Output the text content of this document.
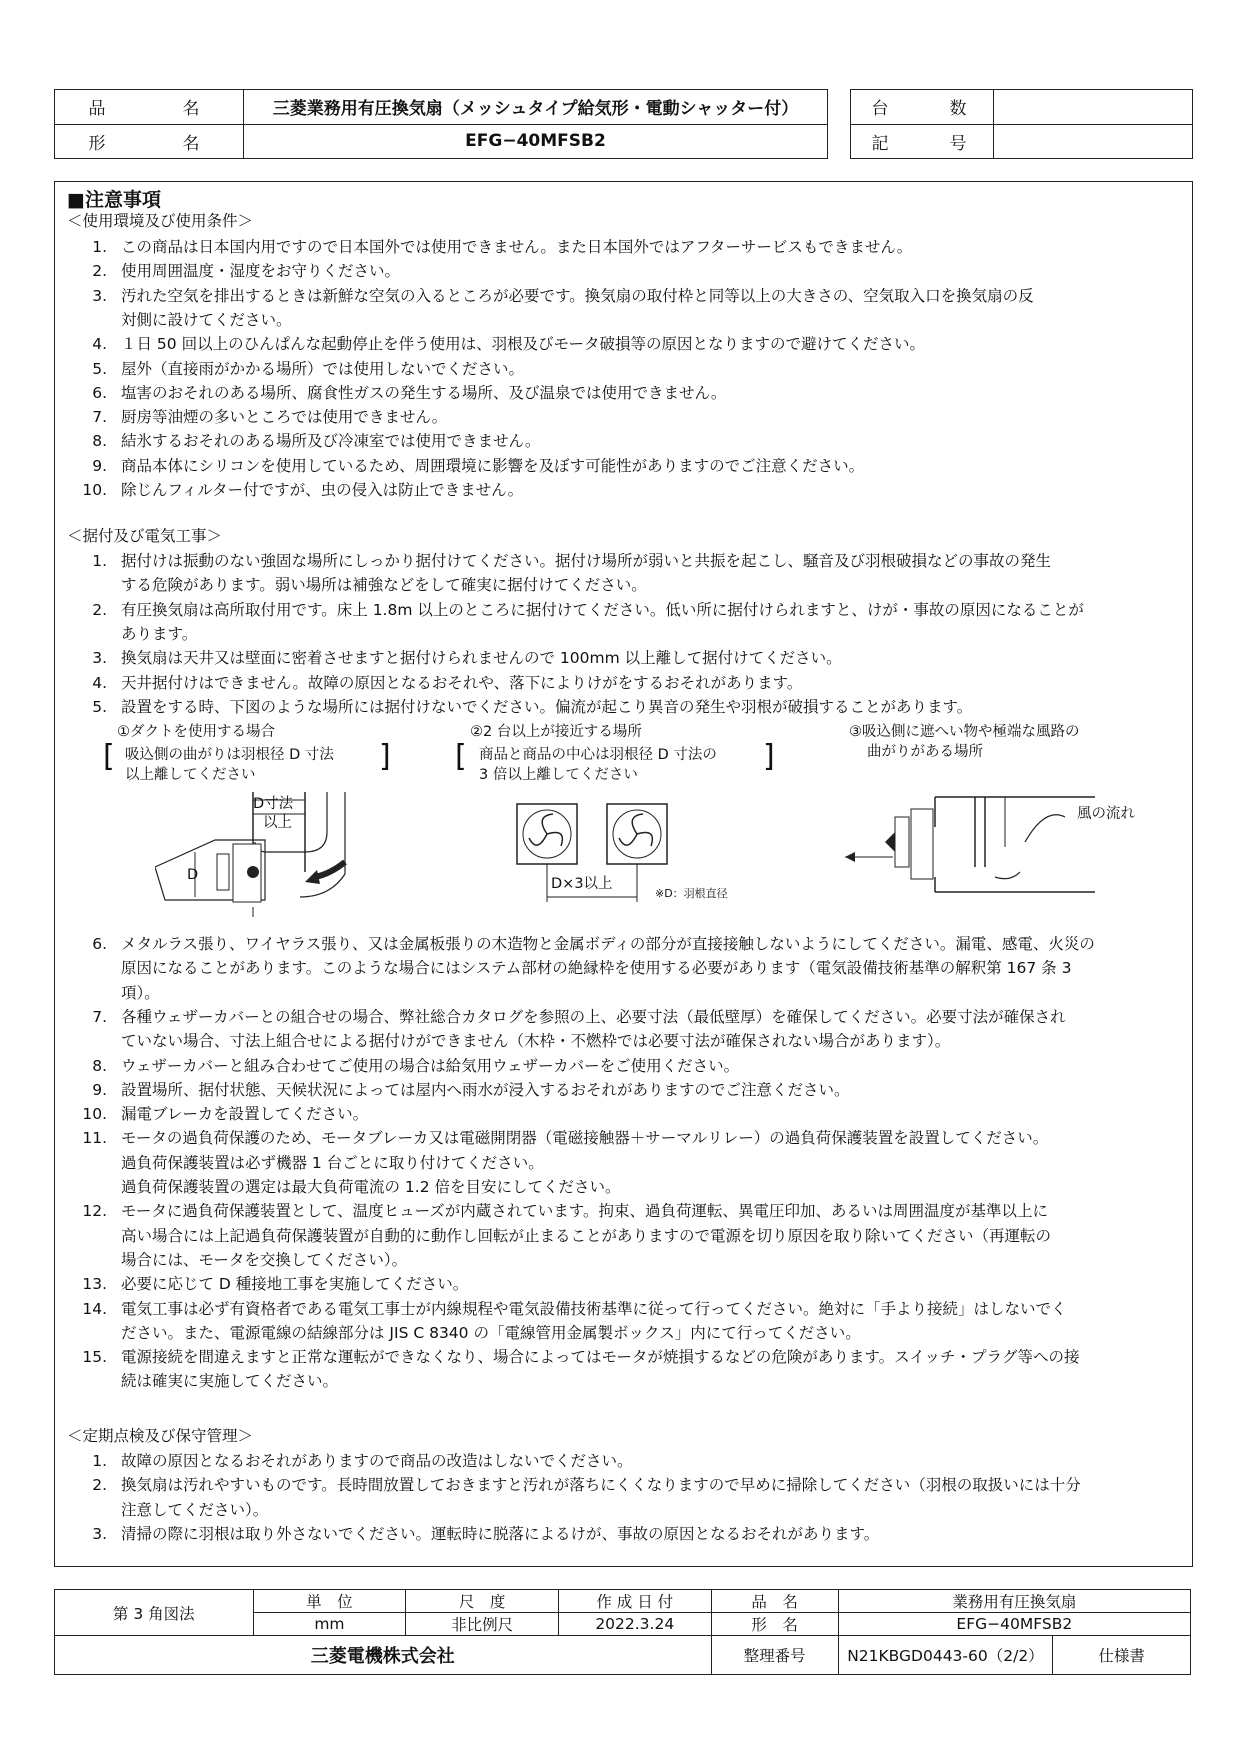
品　名	三菱業務用有圧換気扇（メッシュタイプ給気形・電動シャッター付）
形　名	EFG−40MFSB2
台　数	
記　号	
■注意事項
＜使用環境及び使用条件＞
1. この商品は日本国内用ですので日本国外では使用できません。また日本国外ではアフターサービスもできません。
2. 使用周囲温度・湿度をお守りください。
3. 汚れた空気を排出するときは新鮮な空気の入るところが必要です。換気扇の取付枠と同等以上の大きさの、空気取入口を換気扇の反
対側に設けてください。
4. １日 50 回以上のひんぱんな起動停止を伴う使用は、羽根及びモータ破損等の原因となりますので避けてください。
5. 屋外（直接雨がかかる場所）では使用しないでください。
6. 塩害のおそれのある場所、腐食性ガスの発生する場所、及び温泉では使用できません。
7. 厨房等油煙の多いところでは使用できません。
8. 結氷するおそれのある場所及び冷凍室では使用できません。
9. 商品本体にシリコンを使用しているため、周囲環境に影響を及ぼす可能性がありますのでご注意ください。
10. 除じんフィルター付ですが、虫の侵入は防止できません。
＜据付及び電気工事＞
1. 据付けは振動のない強固な場所にしっかり据付けてください。据付け場所が弱いと共振を起こし、騒音及び羽根破損などの事故の発生
する危険があります。弱い場所は補強などをして確実に据付けてください。
2. 有圧換気扇は高所取付用です。床上 1.8m 以上のところに据付けてください。低い所に据付けられますと、けが・事故の原因になることが
あります。
3. 換気扇は天井又は壁面に密着させますと据付けられませんので 100mm 以上離して据付けてください。
4. 天井据付けはできません。故障の原因となるおそれや、落下によりけがをするおそれがあります。
5. 設置をする時、下図のような場所には据付けないでください。偏流が起こり異音の発生や羽根が破損することがあります。
6. メタルラス張り、ワイヤラス張り、又は金属板張りの木造物と金属ボディの部分が直接接触しないようにしてください。漏電、感電、火災の
原因になることがあります。このような場合にはシステム部材の絶縁枠を使用する必要があります（電気設備技術基準の解釈第 167 条 3
項）。
7. 各種ウェザーカバーとの組合せの場合、弊社総合カタログを参照の上、必要寸法（最低壁厚）を確保してください。必要寸法が確保され
ていない場合、寸法上組合せによる据付けができません（木枠・不燃枠では必要寸法が確保されない場合があります）。
8. ウェザーカバーと組み合わせてご使用の場合は給気用ウェザーカバーをご使用ください。
9. 設置場所、据付状態、天候状況によっては屋内へ雨水が浸入するおそれがありますのでご注意ください。
10. 漏電ブレーカを設置してください。
11. モータの過負荷保護のため、モータブレーカ又は電磁開閉器（電磁接触器＋サーマルリレー）の過負荷保護装置を設置してください。
過負荷保護装置は必ず機器 1 台ごとに取り付けてください。
過負荷保護装置の選定は最大負荷電流の 1.2 倍を目安にしてください。
12. モータに過負荷保護装置として、温度ヒューズが内蔵されています。拘束、過負荷運転、異電圧印加、あるいは周囲温度が基準以上に
高い場合には上記過負荷保護装置が自動的に動作し回転が止まることがありますので電源を切り原因を取り除いてください（再運転の
場合には、モータを交換してください）。
13. 必要に応じて D 種接地工事を実施してください。
14. 電気工事は必ず有資格者である電気工事士が内線規程や電気設備技術基準に従って行ってください。絶対に「手より接続」はしないでく
ださい。また、電源電線の結線部分は JIS C 8340 の「電線管用金属製ボックス」内にて行ってください。
15. 電源接続を間違えますと正常な運転ができなくなり、場合によってはモータが焼損するなどの危険があります。スイッチ・プラグ等への接
続は確実に実施してください。
＜定期点検及び保守管理＞
1. 故障の原因となるおそれがありますので商品の改造はしないでください。
2. 換気扇は汚れやすいものです。長時間放置しておきますと汚れが落ちにくくなりますので早めに掃除してください（羽根の取扱いには十分
注意してください）。
3. 清掃の際に羽根は取り外さないでください。運転時に脱落によるけが、事故の原因となるおそれがあります。
①ダクトを使用する場合
[ 吸込側の曲がりは羽根径 D 寸法
以上離してください
]
D寸法
以上
D
②2 台以上が接近する場所
[ 商品と商品の中心は羽根径 D 寸法の
3 倍以上離してください
]
D×3以上
※D：羽根直径
③吸込側に遮へい物や極端な風路の
曲がりがある場所
風の流れ
第 3 角図法	単　位	尺　度	作 成 日 付	品　名	業務用有圧換気扇	
	mm	非比例尺	2022.3.24	形　名	EFG−40MFSB2	
三菱電機株式会社				整理番号	N21KBGD0443-60（2/2）	仕様書
